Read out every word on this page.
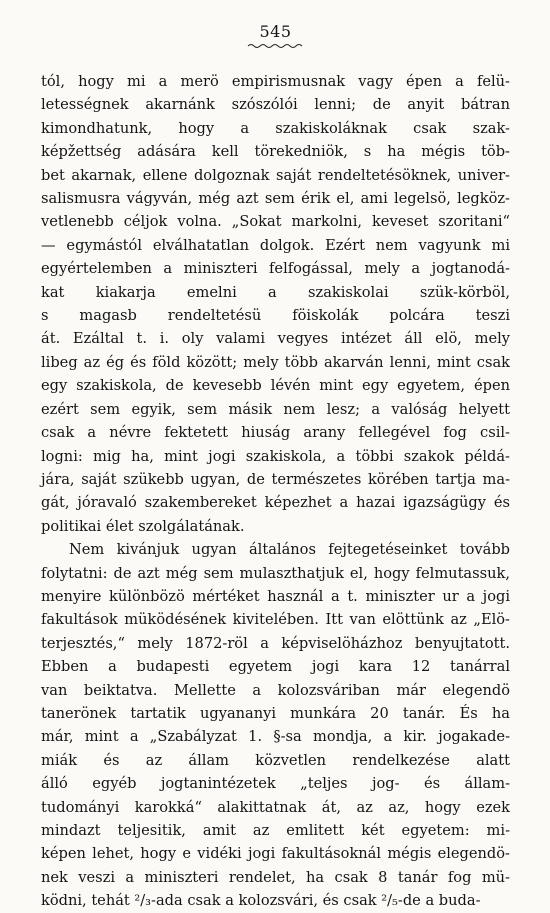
545

tól, hogy mi a merö empirismusnak vagy épen a felü-
letességnek akarnánk szószólói lenni; de anyit bátran
kimondhatunk, hogy a szakiskoláknak csak szak-
képžettség adására kell törekedniök, s ha mégis töb-
bet akarnak, ellene dolgoznak saját rendeltetésöknek, univer-
salismusra vágyván, még azt sem érik el, ami legelsö, legköz-
vetlenebb céljok volna. „Sokat markolni, keveset szoritani“
— egymástól elválhatatlan dolgok. Ezért nem vagyunk mi
egyértelemben a miniszteri felfogással, mely a jogtanodá-
kat kiakarja emelni a szakiskolai szük-körböl,
s magasb rendeltetésü föiskolák polcára teszi
át. Ezáltal t. i. oly valami vegyes intézet áll elö, mely
libeg az ég és föld között; mely több akarván lenni, mint csak
egy szakiskola, de kevesebb lévén mint egy egyetem, épen
ezért sem egyik, sem másik nem lesz; a valóság helyett
csak a névre fektetett hiuság arany fellegével fog csil-
logni: mig ha, mint jogi szakiskola, a többi szakok példá-
jára, saját szükebb ugyan, de természetes körében tartja ma-
gát, jóravaló szakembereket képezhet a hazai igazságügy és
politikai élet szolgálatának.

Nem kivánjuk ugyan általános fejtegetéseinket tovább
folytatni: de azt még sem mulaszthatjuk el, hogy felmutassuk,
menyire különbözö mértéket használ a t. miniszter ur a jogi
fakultások müködésének kivitelében. Itt van elöttünk az „Elö-
terjesztés,“ mely 1872-röl a képviselöházhoz benyujtatott.
Ebben a budapesti egyetem jogi kara 12 tanárral
van beiktatva. Mellette a kolozsváriban már elegendö
tanerönek tartatik ugyananyi munkára 20 tanár. És ha
már, mint a „Szabályzat 1. §-sa mondja, a kir. jogakade-
miák és az állam közvetlen rendelkezése alatt
álló egyéb jogtanintézetek „teljes jog- és állam-
tudományi karokká“ alakittatnak át, az az, hogy ezek
mindazt teljesitik, amit az emlitett két egyetem: mi-
képen lehet, hogy e vidéki jogi fakultásoknál mégis elegendö-
nek veszi a miniszteri rendelet, ha csak 8 tanár fog mü-
ködni, tehát ²/₃-ada csak a kolozsvári, és csak ²/₅-de a buda-
